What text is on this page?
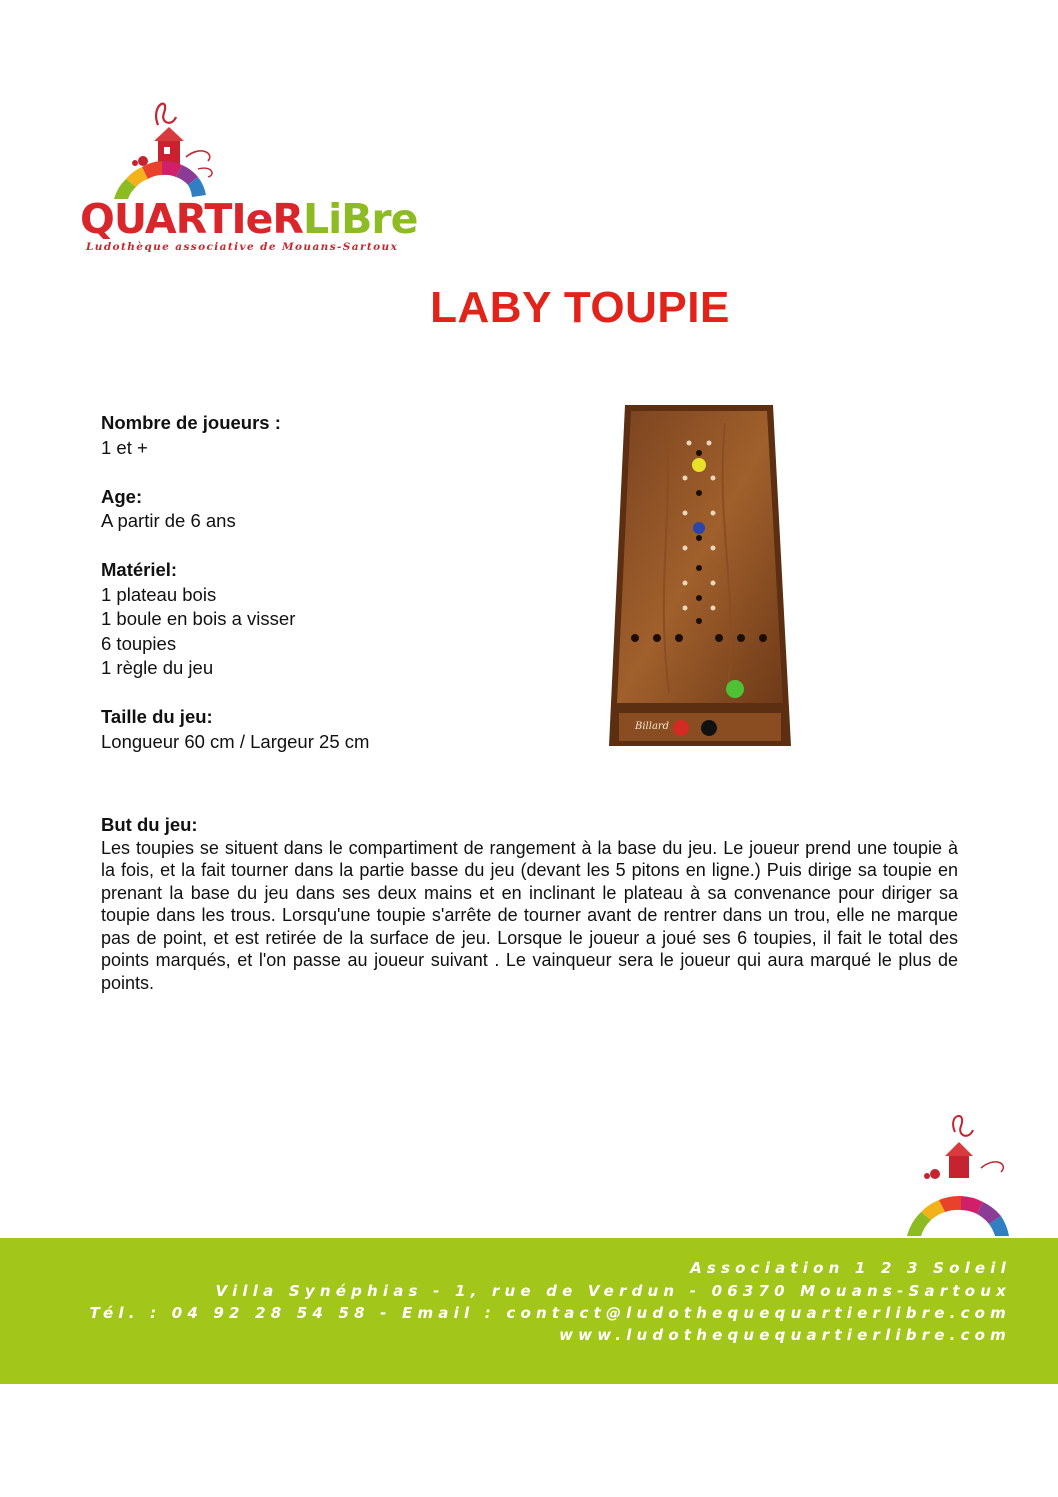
QUARTIeRLiBre
Ludothèque associative de Mouans-Sartoux
LABY TOUPIE
Nombre de joueurs :
1 et +
Age:
A partir de 6 ans
Matériel:
1 plateau bois
1 boule en bois a visser
6 toupies
1 règle du jeu
Taille du jeu:
Longueur 60 cm / Largeur 25 cm
Billard
But du jeu:

Les toupies se situent dans le compartiment de rangement à la base du jeu. Le joueur prend une toupie à la fois, et la fait tourner dans la partie basse du jeu (devant les 5 pitons en ligne.) Puis dirige sa toupie en prenant la base du jeu dans ses deux mains et en inclinant le plateau à sa convenance pour diriger sa toupie dans les trous. Lorsqu'une toupie s'arrête de tourner avant de rentrer dans un trou, elle ne marque pas de point, et est retirée de la surface de jeu. Lorsque le joueur a joué ses 6 toupies, il fait le total des points marqués, et l'on passe au joueur suivant . Le vainqueur sera le joueur qui aura marqué le plus de points.

Association 1 2 3 Soleil
Villa Synéphias - 1, rue de Verdun - 06370 Mouans-Sartoux
Tél. : 04 92 28 54 58 - Email : contact@ludothequequartierlibre.com
www.ludothequequartierlibre.com
